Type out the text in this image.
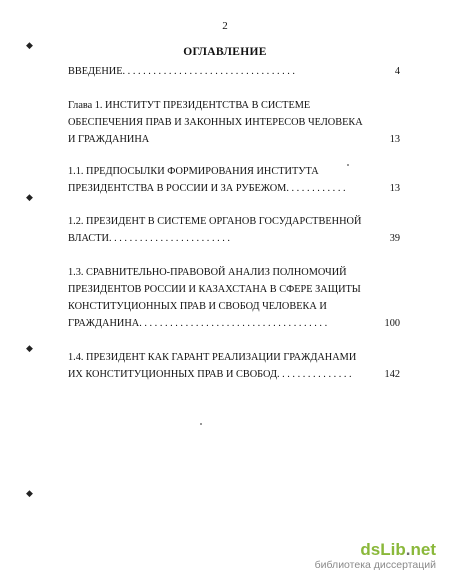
2
ОГЛАВЛЕНИЕ
ВВЕДЕНИЕ . . . . . . . . . . . . . . . . . . . . . . . . . . . . . . . . . .	4
Глава 1. ИНСТИТУТ ПРЕЗИДЕНТСТВА В СИСТЕМЕ
ОБЕСПЕЧЕНИЯ ПРАВ И ЗАКОННЫХ ИНТЕРЕСОВ ЧЕЛОВЕКА
И ГРАЖДАНИНА	13
1.1. ПРЕДПОСЫЛКИ ФОРМИРОВАНИЯ ИНСТИТУТА
ПРЕЗИДЕНТСТВА В РОССИИ И ЗА РУБЕЖОМ . . . . . . . . . . . .	13
1.2. ПРЕЗИДЕНТ В СИСТЕМЕ ОРГАНОВ ГОСУДАРСТВЕННОЙ
ВЛАСТИ . . . . . . . . . . . . . . . . . . . . . . . .	39
1.3. СРАВНИТЕЛЬНО-ПРАВОВОЙ АНАЛИЗ ПОЛНОМОЧИЙ
ПРЕЗИДЕНТОВ РОССИИ И КАЗАХСТАНА В СФЕРЕ ЗАЩИТЫ
КОНСТИТУЦИОННЫХ ПРАВ И СВОБОД ЧЕЛОВЕКА И
ГРАЖДАНИНА . . . . . . . . . . . . . . . . . . . . . . . . . . . . . . . . . . . . .	100
1.4. ПРЕЗИДЕНТ КАК ГАРАНТ РЕАЛИЗАЦИИ ГРАЖДАНАМИ
ИХ КОНСТИТУЦИОННЫХ ПРАВ И СВОБОД . . . . . . . . . . . . . . .	142
◆
◆
◆
◆
dsLib.net
библиотека диссертаций
